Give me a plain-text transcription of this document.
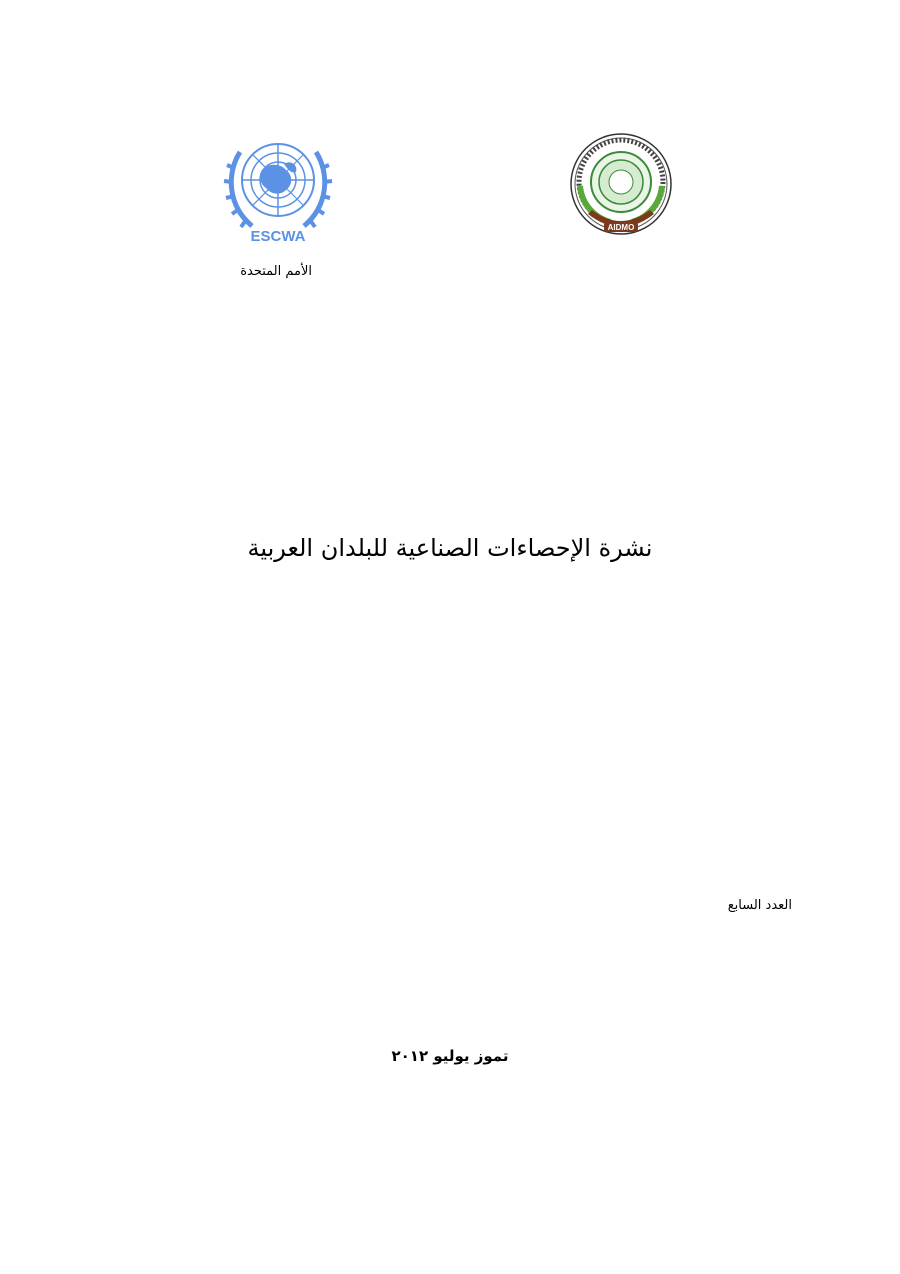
ESCWA
AIDMO
الأمم المتحدة
نشرة الإحصاءات الصناعية للبلدان العربية
العدد السابع
تموز يوليو ٢٠١٢
